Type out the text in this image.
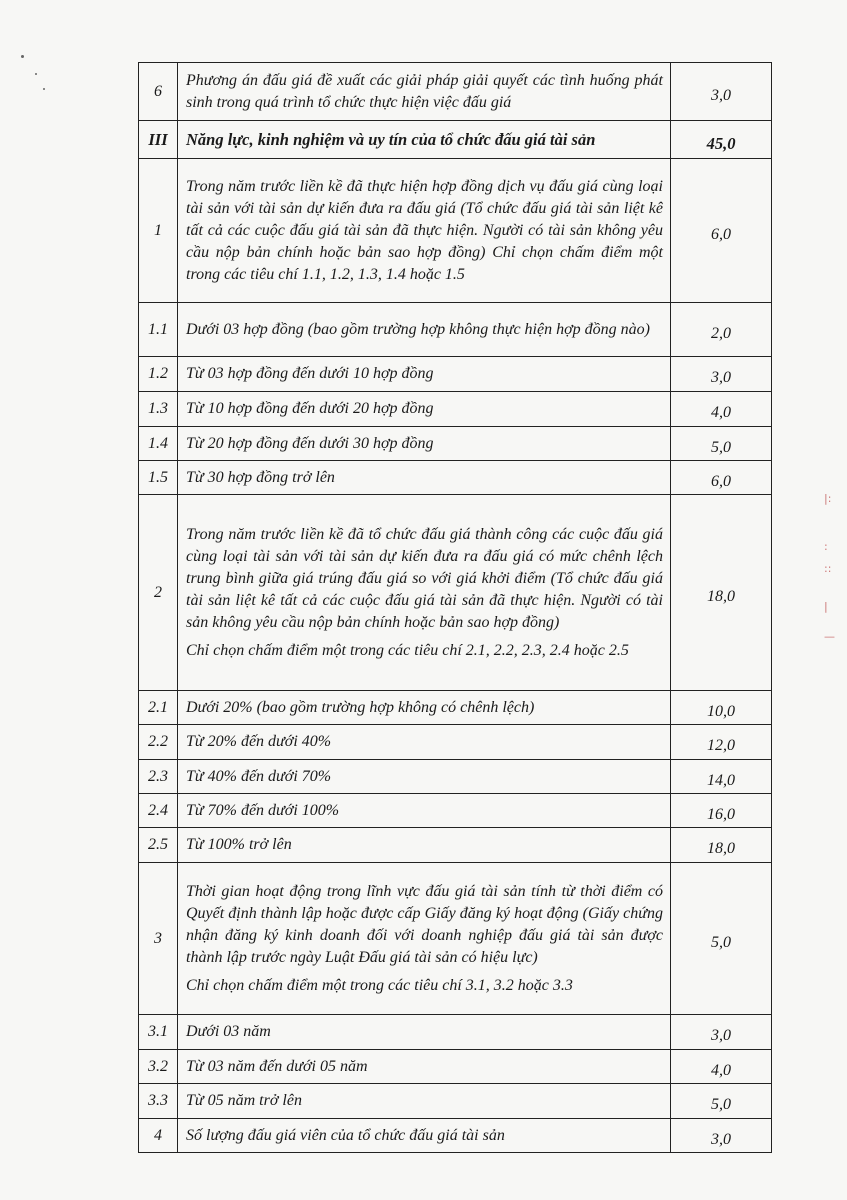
|:
:
::
|
—
6	Phương án đấu giá đề xuất các giải pháp giải quyết các tình huống phát sinh trong quá trình tổ chức thực hiện việc đấu giá	3,0
III	Năng lực, kinh nghiệm và uy tín của tổ chức đấu giá tài sản	45,0
1	Trong năm trước liền kề đã thực hiện hợp đồng dịch vụ đấu giá cùng loại tài sản với tài sản dự kiến đưa ra đấu giá (Tổ chức đấu giá tài sản liệt kê tất cả các cuộc đấu giá tài sản đã thực hiện. Người có tài sản không yêu cầu nộp bản chính hoặc bản sao hợp đồng) Chỉ chọn chấm điểm một trong các tiêu chí 1.1, 1.2, 1.3, 1.4 hoặc 1.5	6,0
1.1	Dưới 03 hợp đồng (bao gồm trường hợp không thực hiện hợp đồng nào)	2,0
1.2	Từ 03 hợp đồng đến dưới 10 hợp đồng	3,0
1.3	Từ 10 hợp đồng đến dưới 20 hợp đồng	4,0
1.4	Từ 20 hợp đồng đến dưới 30 hợp đồng	5,0
1.5	Từ 30 hợp đồng trở lên	6,0
2	Trong năm trước liền kề đã tổ chức đấu giá thành công các cuộc đấu giá cùng loại tài sản với tài sản dự kiến đưa ra đấu giá có mức chênh lệch trung bình giữa giá trúng đấu giá so với giá khởi điểm (Tổ chức đấu giá tài sản liệt kê tất cả các cuộc đấu giá tài sản đã thực hiện. Người có tài sản không yêu cầu nộp bản chính hoặc bản sao hợp đồng)
Chỉ chọn chấm điểm một trong các tiêu chí 2.1, 2.2, 2.3, 2.4 hoặc 2.5	18,0
2.1	Dưới 20% (bao gồm trường hợp không có chênh lệch)	10,0
2.2	Từ 20% đến dưới 40%	12,0
2.3	Từ 40% đến dưới 70%	14,0
2.4	Từ 70% đến dưới 100%	16,0
2.5	Từ 100% trở lên	18,0
3	Thời gian hoạt động trong lĩnh vực đấu giá tài sản tính từ thời điểm có Quyết định thành lập hoặc được cấp Giấy đăng ký hoạt động (Giấy chứng nhận đăng ký kinh doanh đối với doanh nghiệp đấu giá tài sản được thành lập trước ngày Luật Đấu giá tài sản có hiệu lực)
Chỉ chọn chấm điểm một trong các tiêu chí 3.1, 3.2 hoặc 3.3	5,0
3.1	Dưới 03 năm	3,0
3.2	Từ 03 năm đến dưới 05 năm	4,0
3.3	Từ 05 năm trở lên	5,0
4	Số lượng đấu giá viên của tổ chức đấu giá tài sản	3,0
